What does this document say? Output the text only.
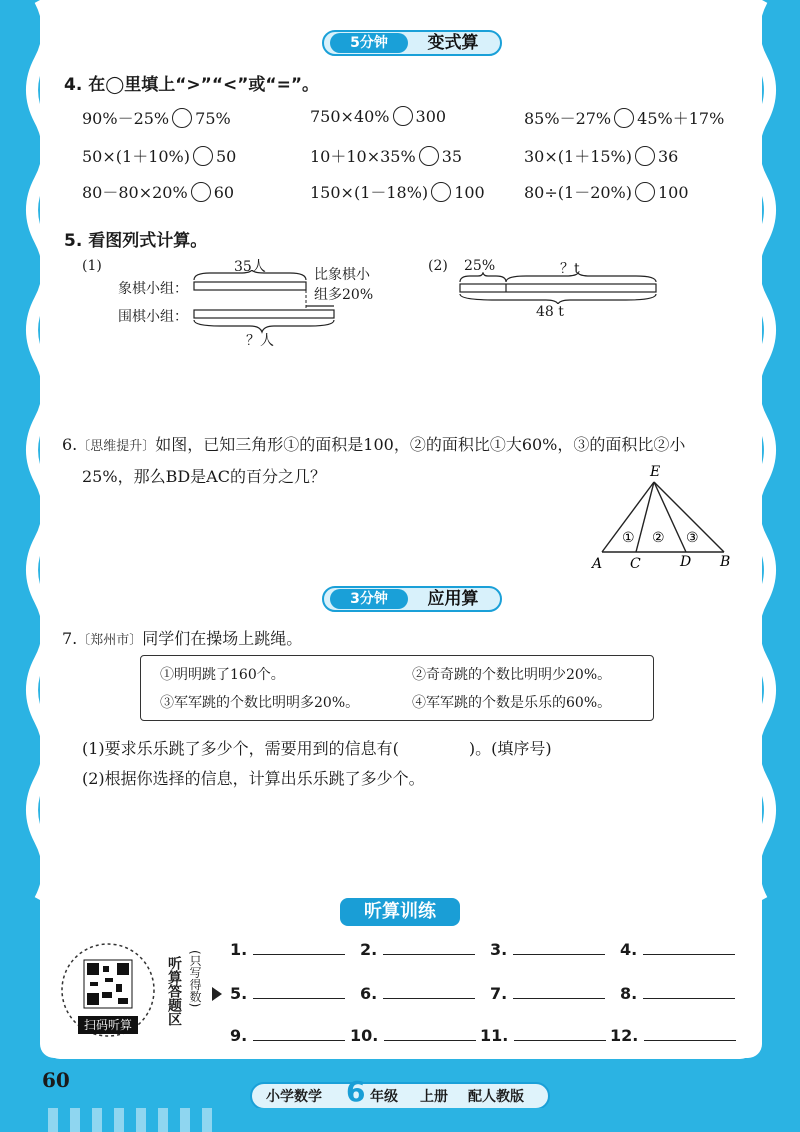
5分钟	变式算
4. 在◯里填上“>”“<”或“=”。
90%－25% 75%	750×40% 300	85%－27% 45%＋17%
50×(1＋10%) 50	10＋10×35% 35	30×(1＋15%) 36
80－80×20% 60	150×(1－18%) 100 80÷(1－20%) 100
5. 看图列式计算。
(1)	35人
象棋小组：
围棋小组：
比象棋小
组多20%
？人
(2) 25%	？t
48 t
6.〔思维提升〕如图，已知三角形①的面积是100，②的面积比①大60%，③的面积比②小
25%，那么BD是AC的百分之几？	E
① ② ③
A C	D B
3分钟	应用算
7.〔郑州市〕同学们在操场上跳绳。
①明明跳了160个。	②奇奇跳的个数比明明少20%。
③军军跳的个数比明明多20%。	④军军跳的个数是乐乐的60%。
(1)要求乐乐跳了多少个，需要用到的信息有(	)。(填序号)
(2)根据你选择的信息，计算出乐乐跳了多少个。
听算训练
扫码听算	听算答题区 (只写得数)
1.	2.	3.	4.
5.	6.	7.	8.
9.	10.	11.	12.
60
小学数学 6 年级 上册 配人教版
